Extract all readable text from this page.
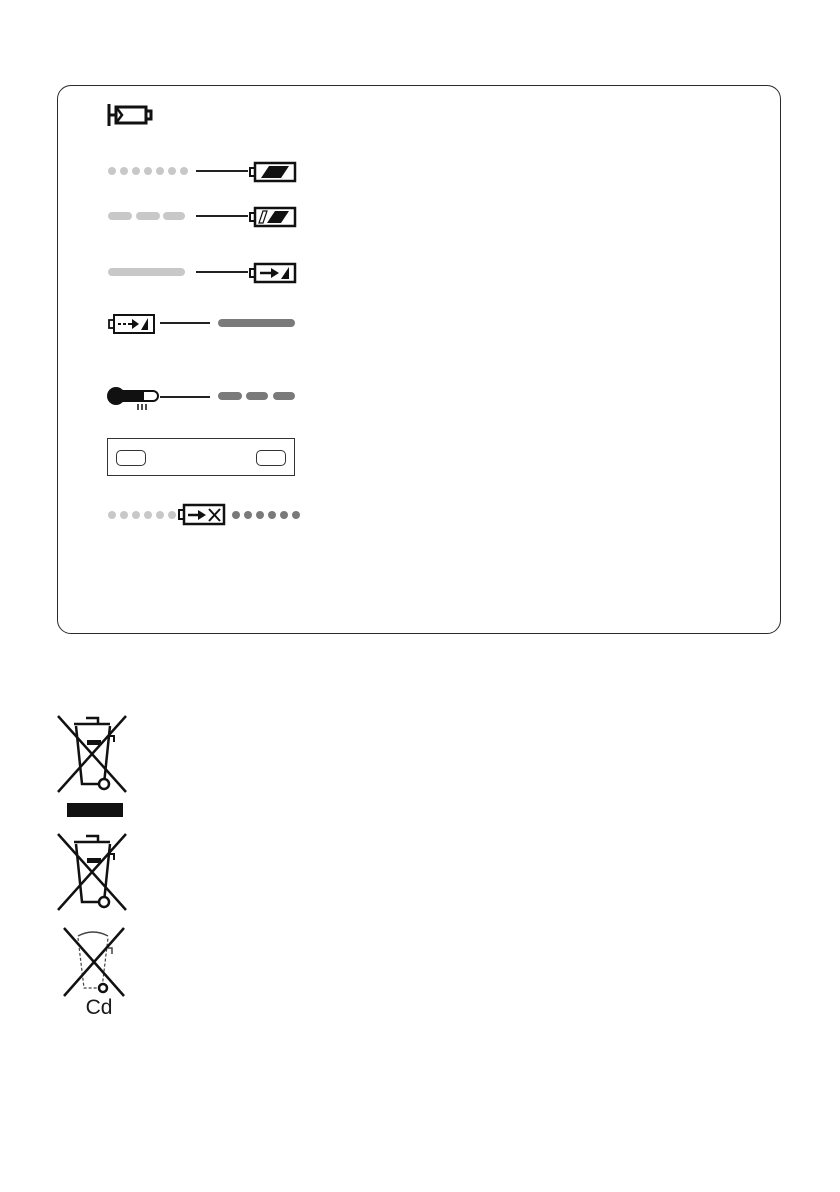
Cd
